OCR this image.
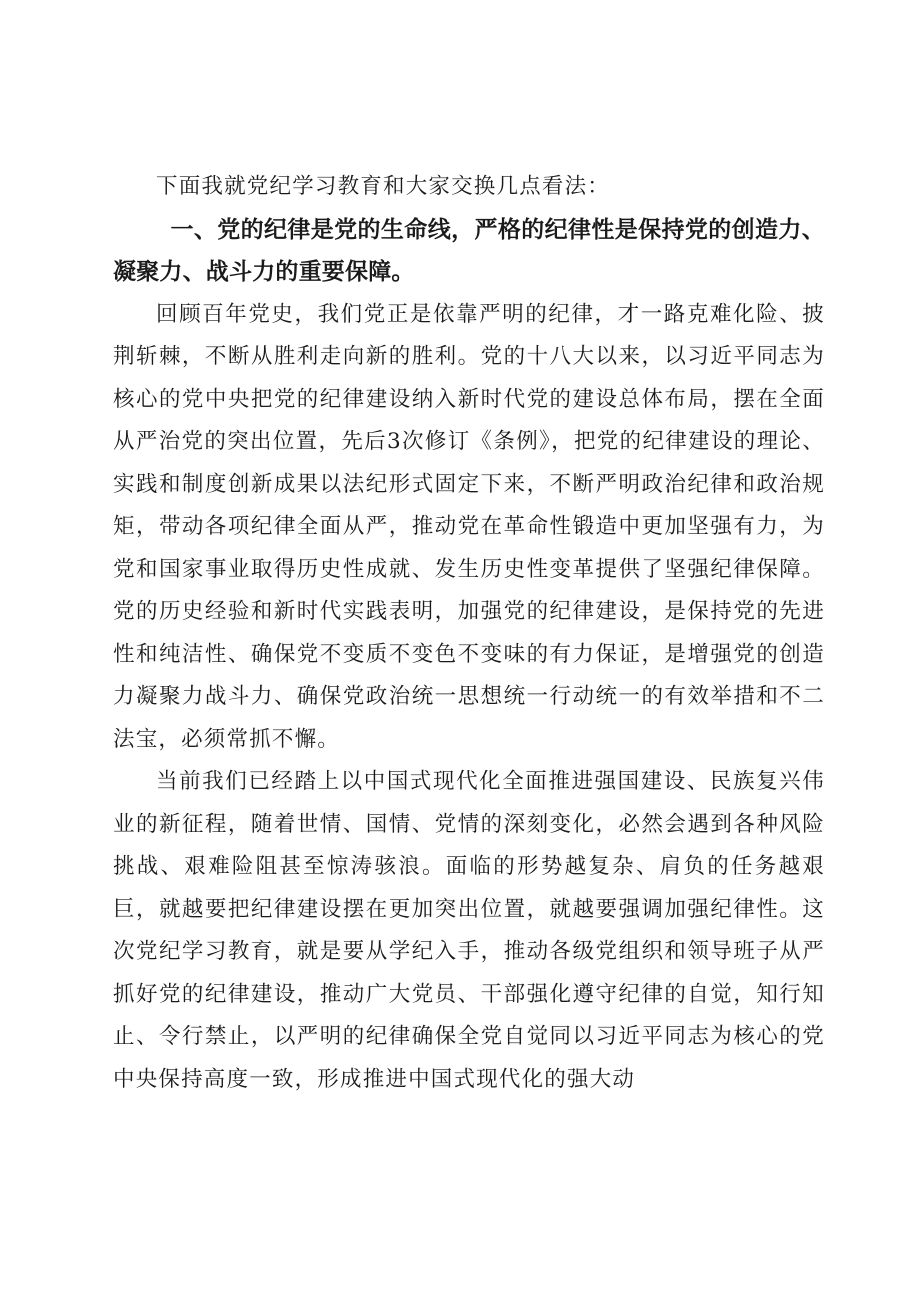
下面我就党纪学习教育和大家交换几点看法：

一、党的纪律是党的生命线，严格的纪律性是保持党的创造力、凝聚力、战斗力的重要保障。

回顾百年党史，我们党正是依靠严明的纪律，才一路克难化险、披荆斩棘，不断从胜利走向新的胜利。党的十八大以来，以习近平同志为核心的党中央把党的纪律建设纳入新时代党的建设总体布局，摆在全面从严治党的突出位置，先后3次修订《条例》，把党的纪律建设的理论、实践和制度创新成果以法纪形式固定下来，不断严明政治纪律和政治规矩，带动各项纪律全面从严，推动党在革命性锻造中更加坚强有力，为党和国家事业取得历史性成就、发生历史性变革提供了坚强纪律保障。党的历史经验和新时代实践表明，加强党的纪律建设，是保持党的先进性和纯洁性、确保党不变质不变色不变味的有力保证，是增强党的创造力凝聚力战斗力、确保党政治统一思想统一行动统一的有效举措和不二法宝，必须常抓不懈。

当前我们已经踏上以中国式现代化全面推进强国建设、民族复兴伟业的新征程，随着世情、国情、党情的深刻变化，必然会遇到各种风险挑战、艰难险阻甚至惊涛骇浪。面临的形势越复杂、肩负的任务越艰巨，就越要把纪律建设摆在更加突出位置，就越要强调加强纪律性。这次党纪学习教育，就是要从学纪入手，推动各级党组织和领导班子从严抓好党的纪律建设，推动广大党员、干部强化遵守纪律的自觉，知行知止、令行禁止，以严明的纪律确保全党自觉同以习近平同志为核心的党中央保持高度一致，形成推进中国式现代化的强大动
